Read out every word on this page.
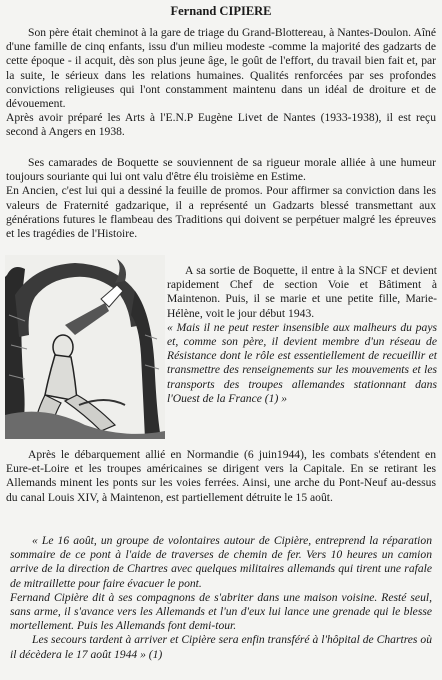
Fernand CIPIERE

Son père était cheminot à la gare de triage du Grand-Blottereau, à Nantes-Doulon. Aîné d'une famille de cinq enfants, issu d'un milieu modeste -comme la majorité des gadzarts de cette époque - il acquit, dès son plus jeune âge, le goût de l'effort, du travail bien fait et, par la suite, le sérieux dans les relations humaines. Qualités renforcées par ses profondes convictions religieuses qui l'ont constamment maintenu dans un idéal de droiture et de dévouement.

Après avoir préparé les Arts à l'E.N.P Eugène Livet de Nantes (1933-1938), il est reçu second à Angers en 1938.

Ses camarades de Boquette se souviennent de sa rigueur morale alliée à une humeur toujours souriante qui lui ont valu d'être élu troisième en Estime.

En Ancien, c'est lui qui a dessiné la feuille de promos. Pour affirmer sa conviction dans les valeurs de Fraternité gadzarique, il a représenté un Gadzarts blessé transmettant aux générations futures le flambeau des Traditions qui doivent se perpétuer malgré les épreuves et les tragédies de l'Histoire.

A sa sortie de Boquette, il entre à la SNCF et devient rapidement Chef de section Voie et Bâtiment à Maintenon. Puis, il se marie et une petite fille, Marie-Hélène, voit le jour début 1943.

« Mais il ne peut rester insensible aux malheurs du pays et, comme son père, il devient membre d'un réseau de Résistance dont le rôle est essentiellement de recueillir et transmettre des renseignements sur les mouvements et les transports des troupes allemandes stationnant dans l'Ouest de la France (1) »

Après le débarquement allié en Normandie (6 juin1944), les combats s'étendent en Eure-et-Loire et les troupes américaines se dirigent vers la Capitale. En se retirant les Allemands minent les ponts sur les voies ferrées. Ainsi, une arche du Pont-Neuf au-dessus du canal Louis XIV, à Maintenon, est partiellement détruite le 15 août.

« Le 16 août, un groupe de volontaires autour de Cipière, entreprend la réparation sommaire de ce pont à l'aide de traverses de chemin de fer. Vers 10 heures un camion arrive de la direction de Chartres avec quelques militaires allemands qui tirent une rafale de mitraillette pour faire évacuer le pont.

Fernand Cipière dit à ses compagnons de s'abriter dans une maison voisine. Resté seul, sans arme, il s'avance vers les Allemands et l'un d'eux lui lance une grenade qui le blesse mortellement. Puis les Allemands font demi-tour.

Les secours tardent à arriver et Cipière sera enfin transféré à l'hôpital de Chartres où il décèdera le 17 août 1944 » (1)
